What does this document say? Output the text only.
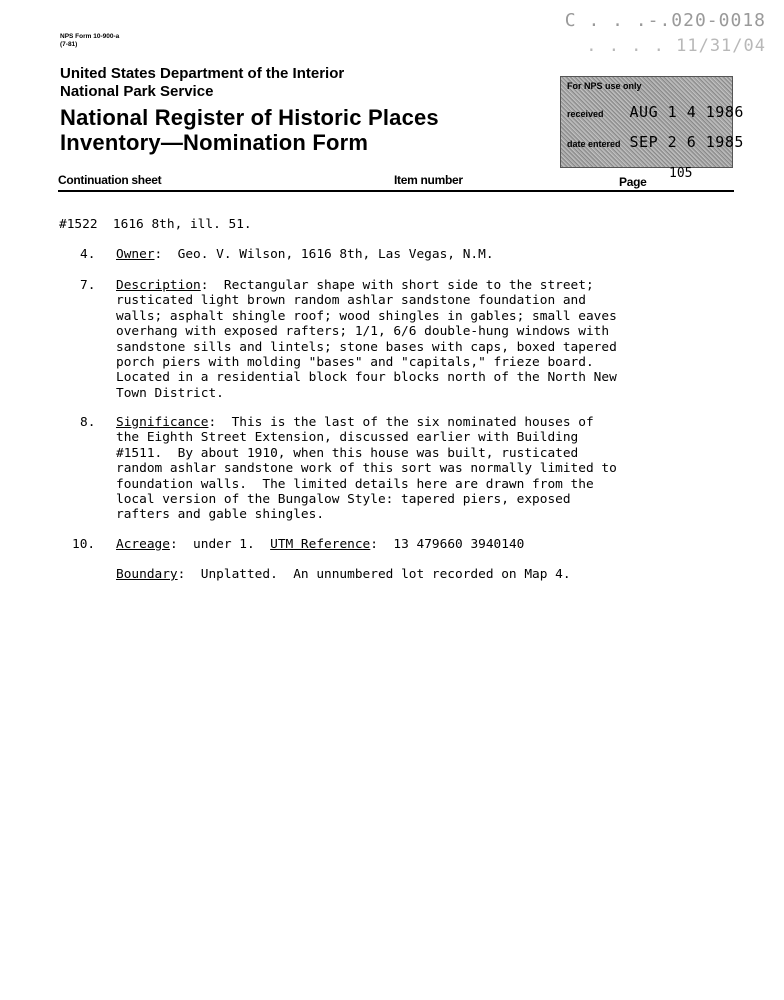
NPS Form 10-900-a
(7-81)
United States Department of the Interior
National Park Service
National Register of Historic Places
Inventory—Nomination Form
C . . .-.020-0018
. . . . 11/31/04
For NPS use only
received AUG 1 4 1986
date entered SEP 2 6 1985
Continuation sheet	Item number	Page
105
#1522  1616 8th, ill. 51.
4. Owner:  Geo. V. Wilson, 1616 8th, Las Vegas, N.M.
7. Description:  Rectangular shape with short side to the street;
rusticated light brown random ashlar sandstone foundation and
walls; asphalt shingle roof; wood shingles in gables; small eaves
overhang with exposed rafters; 1/1, 6/6 double-hung windows with
sandstone sills and lintels; stone bases with caps, boxed tapered
porch piers with molding "bases" and "capitals," frieze board.
Located in a residential block four blocks north of the North New
Town District.
8. Significance:  This is the last of the six nominated houses of
the Eighth Street Extension, discussed earlier with Building
#1511.  By about 1910, when this house was built, rusticated
random ashlar sandstone work of this sort was normally limited to
foundation walls.  The limited details here are drawn from the
local version of the Bungalow Style: tapered piers, exposed
rafters and gable shingles.
10. Acreage:  under 1.  UTM Reference:  13 479660 3940140
Boundary:  Unplatted.  An unnumbered lot recorded on Map 4.
